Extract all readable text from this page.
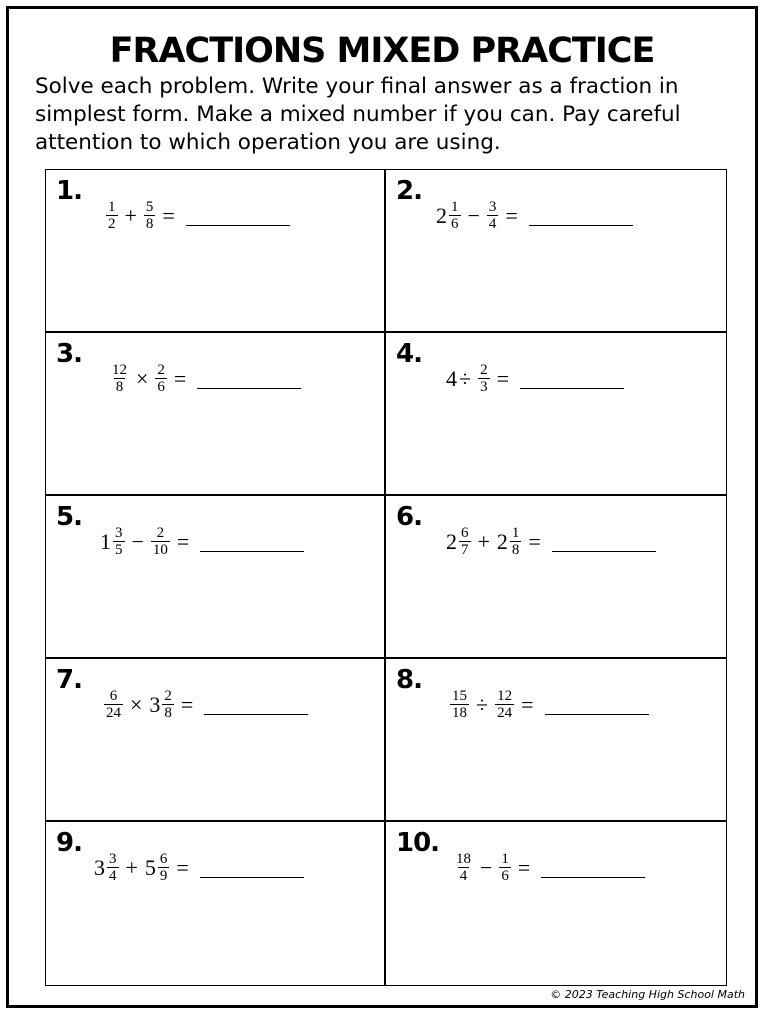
FRACTIONS MIXED PRACTICE

Solve each problem. Write your final answer as a fraction in simplest form. Make a mixed number if you can. Pay careful attention to which operation you are using.

1.
$\frac{1}{2} + \frac{5}{8}$ =
2.
$2 \frac{1}{6} - \frac{3}{4}$ =
3.
$\frac{12}{8} \times \frac{2}{6}$ =
4.
$4 \div \frac{2}{3}$ =
5.
$1 \frac{3}{5} - \frac{2}{10}$ =
6.
$2 \frac{6}{7} + 2 \frac{1}{8}$ =
7.
$\frac{6}{24} \times 3 \frac{2}{8}$ =
8.
$\frac{15}{18} \div \frac{12}{24}$ =
9.
$3 \frac{3}{4} + 5 \frac{6}{9}$ =
10.
$\frac{18}{4} - \frac{1}{6}$ =
© 2023 Teaching High School Math
